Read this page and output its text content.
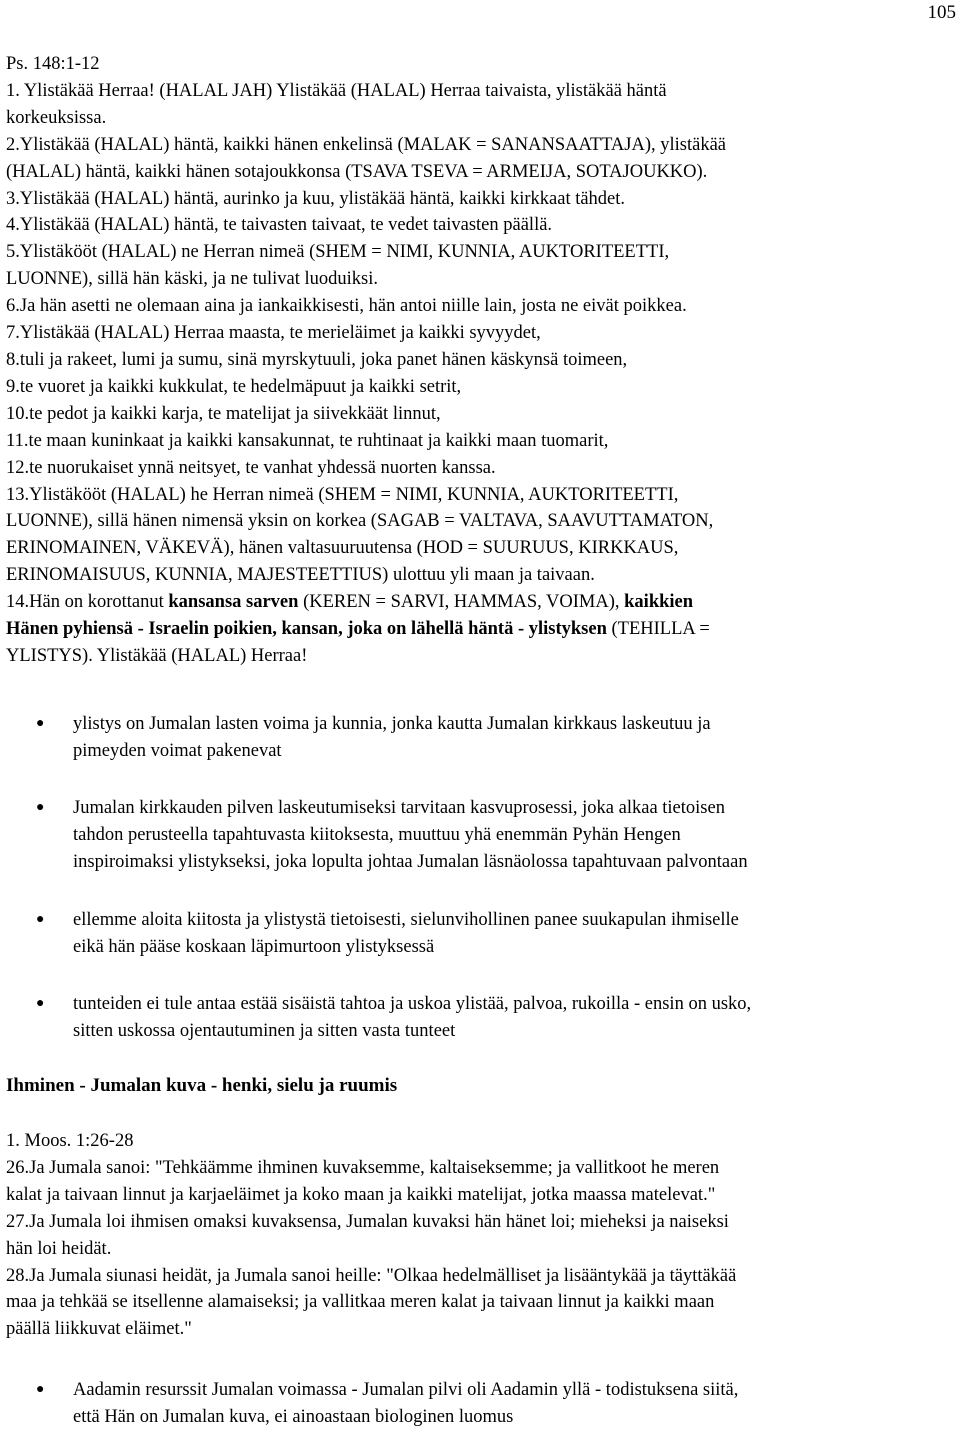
105
Ps. 148:1-12
1. Ylistäkää Herraa! (HALAL JAH) Ylistäkää (HALAL) Herraa taivaista, ylistäkää häntä
korkeuksissa.
2.Ylistäkää (HALAL) häntä, kaikki hänen enkelinsä (MALAK = SANANSAATTAJA), ylistäkää
(HALAL) häntä, kaikki hänen sotajoukkonsa (TSAVA TSEVA = ARMEIJA, SOTAJOUKKO).
3.Ylistäkää (HALAL) häntä, aurinko ja kuu, ylistäkää häntä, kaikki kirkkaat tähdet.
4.Ylistäkää (HALAL) häntä, te taivasten taivaat, te vedet taivasten päällä.
5.Ylistäkööt (HALAL) ne Herran nimeä (SHEM = NIMI, KUNNIA, AUKTORITEETTI,
LUONNE), sillä hän käski, ja ne tulivat luoduiksi.
6.Ja hän asetti ne olemaan aina ja iankaikkisesti, hän antoi niille lain, josta ne eivät poikkea.
7.Ylistäkää (HALAL) Herraa maasta, te merieläimet ja kaikki syvyydet,
8.tuli ja rakeet, lumi ja sumu, sinä myrskytuuli, joka panet hänen käskynsä toimeen,
9.te vuoret ja kaikki kukkulat, te hedelmäpuut ja kaikki setrit,
10.te pedot ja kaikki karja, te matelijat ja siivekkäät linnut,
11.te maan kuninkaat ja kaikki kansakunnat, te ruhtinaat ja kaikki maan tuomarit,
12.te nuorukaiset ynnä neitsyet, te vanhat yhdessä nuorten kanssa.
13.Ylistäkööt (HALAL) he Herran nimeä (SHEM = NIMI, KUNNIA, AUKTORITEETTI,
LUONNE), sillä hänen nimensä yksin on korkea (SAGAB = VALTAVA, SAAVUTTAMATON,
ERINOMAINEN, VÄKEVÄ), hänen valtasuuruutensa (HOD = SUURUUS, KIRKKAUS,
ERINOMAISUUS, KUNNIA, MAJESTEETTIUS) ulottuu yli maan ja taivaan.
14.Hän on korottanut kansansa sarven (KEREN = SARVI, HAMMAS, VOIMA), kaikkien
Hänen pyhiensä - Israelin poikien, kansan, joka on lähellä häntä - ylistyksen (TEHILLA =
YLISTYS). Ylistäkää (HALAL) Herraa!
● ylistys on Jumalan lasten voima ja kunnia, jonka kautta Jumalan kirkkaus laskeutuu ja
pimeyden voimat pakenevat
● Jumalan kirkkauden pilven laskeutumiseksi tarvitaan kasvuprosessi, joka alkaa tietoisen
tahdon perusteella tapahtuvasta kiitoksesta, muuttuu yhä enemmän Pyhän Hengen
inspiroimaksi ylistykseksi, joka lopulta johtaa Jumalan läsnäolossa tapahtuvaan palvontaan
● ellemme aloita kiitosta ja ylistystä tietoisesti, sielunvihollinen panee suukapulan ihmiselle
eikä hän pääse koskaan läpimurtoon ylistyksessä
● tunteiden ei tule antaa estää sisäistä tahtoa ja uskoa ylistää, palvoa, rukoilla - ensin on usko,
sitten uskossa ojentautuminen ja sitten vasta tunteet
Ihminen - Jumalan kuva - henki, sielu ja ruumis
1. Moos. 1:26-28
26.Ja Jumala sanoi: "Tehkäämme ihminen kuvaksemme, kaltaiseksemme; ja vallitkoot he meren
kalat ja taivaan linnut ja karjaeläimet ja koko maan ja kaikki matelijat, jotka maassa matelevat."
27.Ja Jumala loi ihmisen omaksi kuvaksensa, Jumalan kuvaksi hän hänet loi; mieheksi ja naiseksi
hän loi heidät.
28.Ja Jumala siunasi heidät, ja Jumala sanoi heille: "Olkaa hedelmälliset ja lisääntykää ja täyttäkää
maa ja tehkää se itsellenne alamaiseksi; ja vallitkaa meren kalat ja taivaan linnut ja kaikki maan
päällä liikkuvat eläimet."
● Aadamin resurssit Jumalan voimassa - Jumalan pilvi oli Aadamin yllä - todistuksena siitä,
että Hän on Jumalan kuva, ei ainoastaan biologinen luomus
